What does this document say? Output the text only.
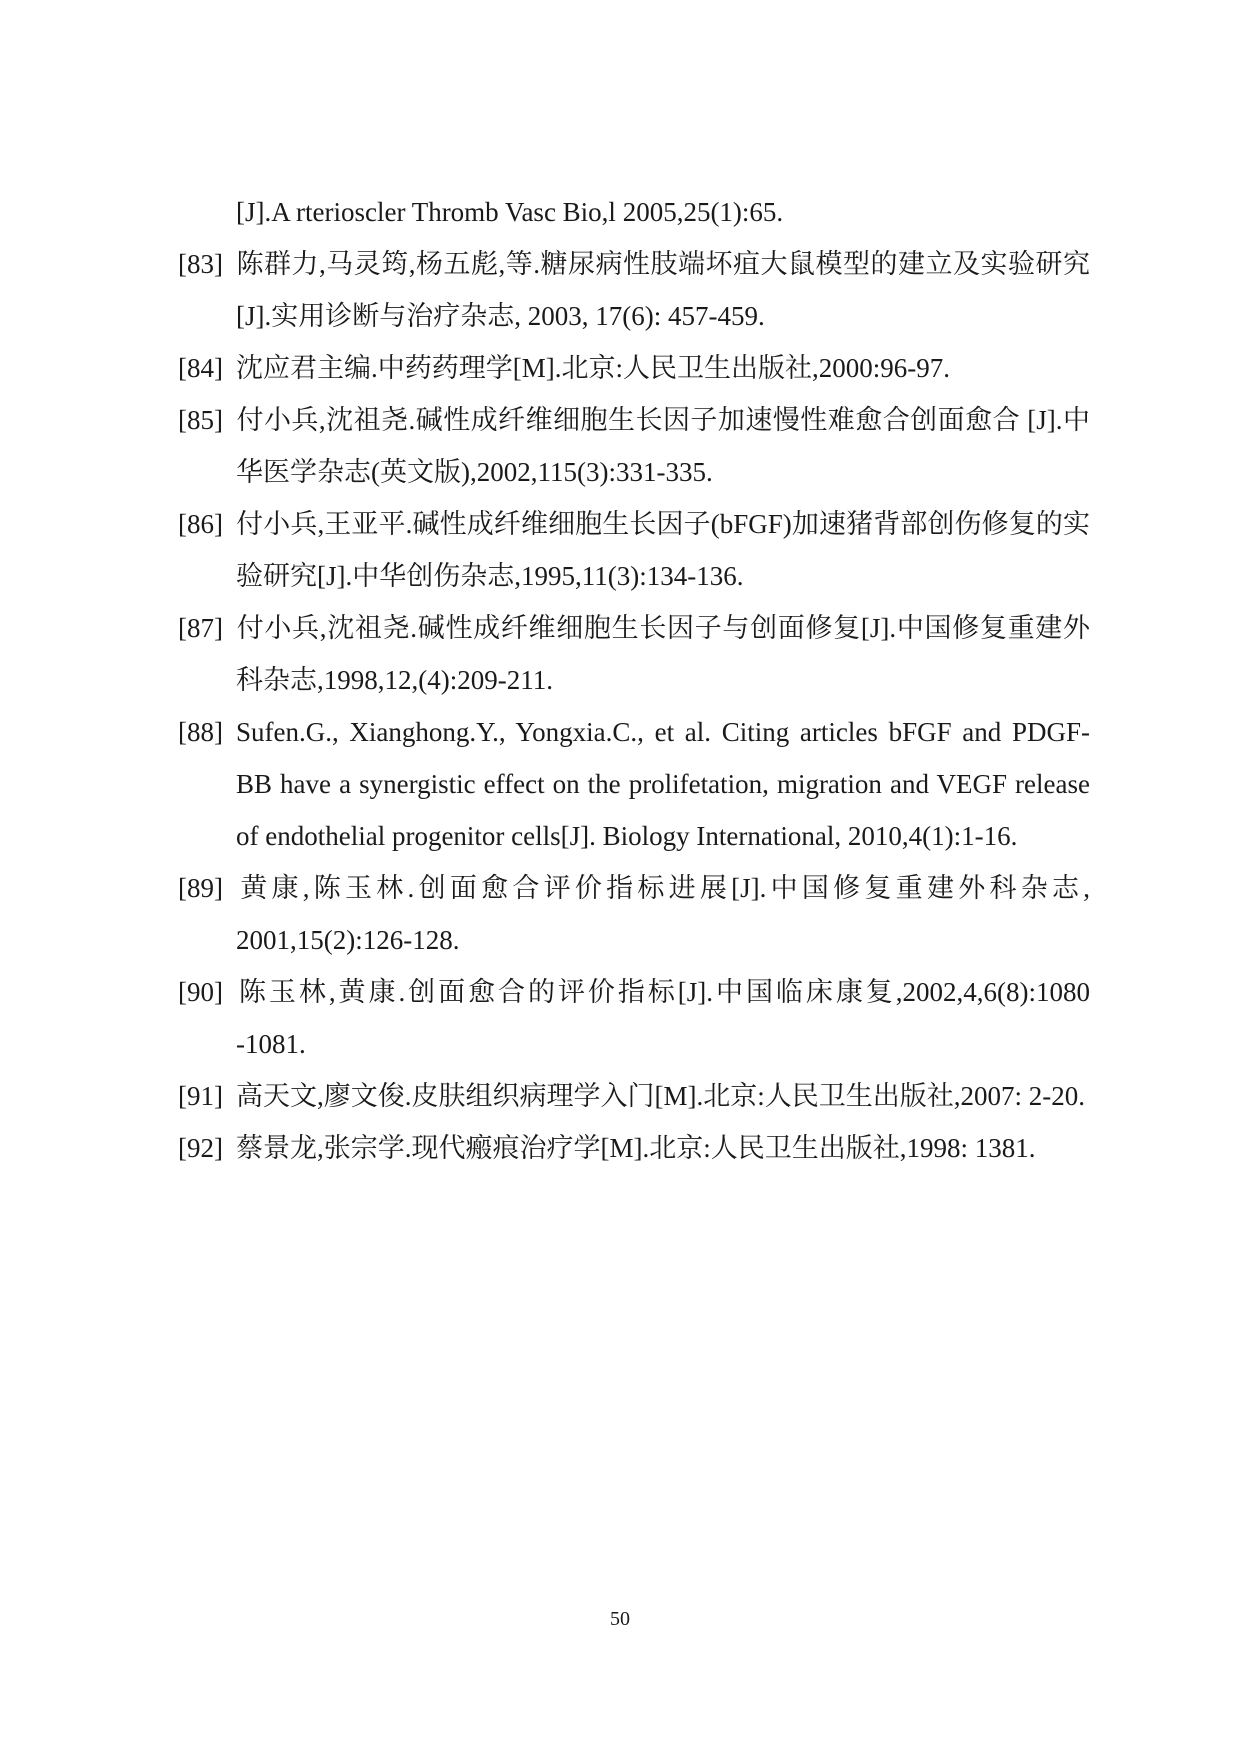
[J].A rterioscler Thromb Vasc Bio,l 2005,25(1):65.
[83] 陈群力,马灵筠,杨五彪,等.糖尿病性肢端坏疽大鼠模型的建立及实验研究[J].实用诊断与治疗杂志, 2003, 17(6): 457-459.
[84] 沈应君主编.中药药理学[M].北京:人民卫生出版社,2000:96-97.
[85] 付小兵,沈祖尧.碱性成纤维细胞生长因子加速慢性难愈合创面愈合 [J].中华医学杂志(英文版),2002,115(3):331-335.
[86] 付小兵,王亚平.碱性成纤维细胞生长因子(bFGF)加速猪背部创伤修复的实验研究[J].中华创伤杂志,1995,11(3):134-136.
[87] 付小兵,沈祖尧.碱性成纤维细胞生长因子与创面修复[J].中国修复重建外科杂志,1998,12,(4):209-211.
[88] Sufen.G., Xianghong.Y., Yongxia.C., et al. Citing articles bFGF and PDGF-BB have a synergistic effect on the prolifetation, migration and VEGF release of endothelial progenitor cells[J]. Biology International, 2010,4(1):1-16.
[89] 黄康,陈玉林.创面愈合评价指标进展[J].中国修复重建外科杂志, 2001,15(2):126-128.
[90] 陈玉林,黄康.创面愈合的评价指标[J].中国临床康复,2002,4,6(8):1080 -1081.
[91] 高天文,廖文俊.皮肤组织病理学入门[M].北京:人民卫生出版社,2007: 2-20.
[92] 蔡景龙,张宗学.现代瘢痕治疗学[M].北京:人民卫生出版社,1998: 1381.
50
